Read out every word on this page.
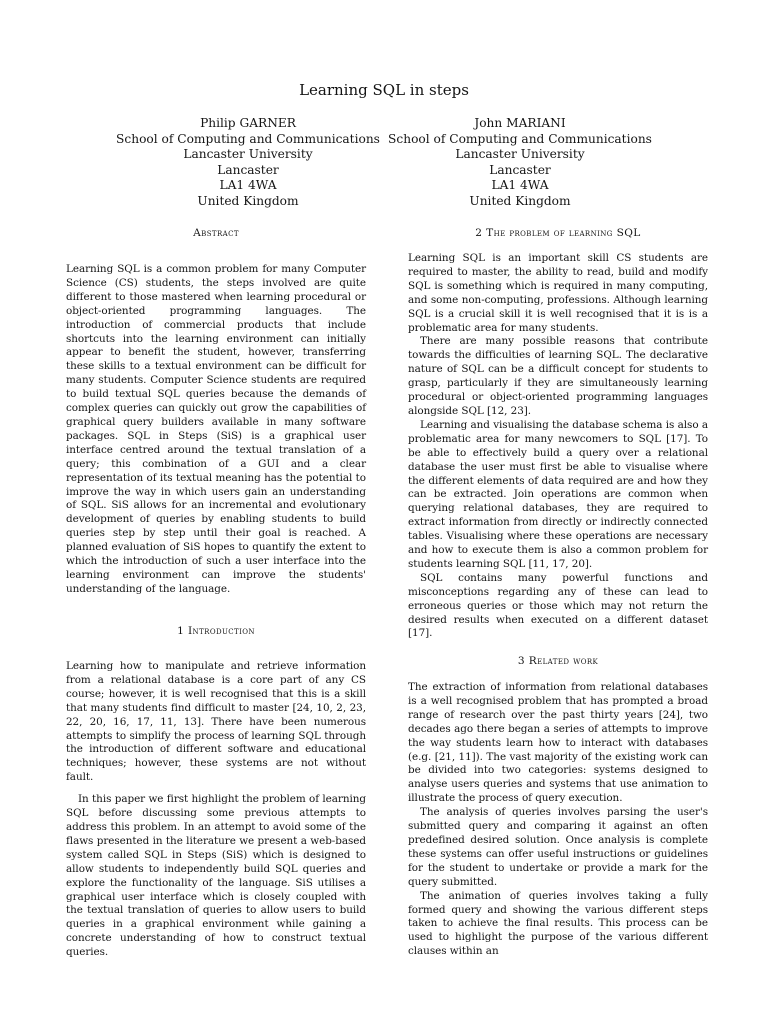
Learning SQL in steps
Philip GARNER
School of Computing and Communications
Lancaster University
Lancaster
LA1 4WA
United Kingdom
John MARIANI
School of Computing and Communications
Lancaster University
Lancaster
LA1 4WA
United Kingdom
Abstract

Learning SQL is a common problem for many Computer Science (CS) students, the steps involved are quite different to those mastered when learning procedural or object-oriented programming languages. The introduction of commercial products that include shortcuts into the learning environment can initially appear to benefit the student, however, transferring these skills to a textual environment can be difficult for many students. Computer Science students are required to build textual SQL queries because the demands of complex queries can quickly out grow the capabilities of graphical query builders available in many software packages. SQL in Steps (SiS) is a graphical user interface centred around the textual translation of a query; this combination of a GUI and a clear representation of its textual meaning has the potential to improve the way in which users gain an understanding of SQL. SiS allows for an incremental and evolutionary development of queries by enabling students to build queries step by step until their goal is reached. A planned evaluation of SiS hopes to quantify the extent to which the introduction of such a user interface into the learning environment can improve the students' understanding of the language.

1 Introduction

Learning how to manipulate and retrieve information from a relational database is a core part of any CS course; however, it is well recognised that this is a skill that many students find difficult to master [24, 10, 2, 23, 22, 20, 16, 17, 11, 13]. There have been numerous attempts to simplify the process of learning SQL through the introduction of different software and educational techniques; however, these systems are not without fault.

In this paper we first highlight the problem of learning SQL before discussing some previous attempts to address this problem. In an attempt to avoid some of the flaws presented in the literature we present a web-based system called SQL in Steps (SiS) which is designed to allow students to independently build SQL queries and explore the functionality of the language. SiS utilises a graphical user interface which is closely coupled with the textual translation of queries to allow users to build queries in a graphical environment while gaining a concrete understanding of how to construct textual queries.

2 The problem of learning SQL

Learning SQL is an important skill CS students are required to master, the ability to read, build and modify SQL is something which is required in many computing, and some non-computing, professions. Although learning SQL is a crucial skill it is well recognised that it is is a problematic area for many students.

There are many possible reasons that contribute towards the difficulties of learning SQL. The declarative nature of SQL can be a difficult concept for students to grasp, particularly if they are simultaneously learning procedural or object-oriented programming languages alongside SQL [12, 23].

Learning and visualising the database schema is also a problematic area for many newcomers to SQL [17]. To be able to effectively build a query over a relational database the user must first be able to visualise where the different elements of data required are and how they can be extracted. Join operations are common when querying relational databases, they are required to extract information from directly or indirectly connected tables. Visualising where these operations are necessary and how to execute them is also a common problem for students learning SQL [11, 17, 20].

SQL contains many powerful functions and misconceptions regarding any of these can lead to erroneous queries or those which may not return the desired results when executed on a different dataset [17].

3 Related work

The extraction of information from relational databases is a well recognised problem that has prompted a broad range of research over the past thirty years [24], two decades ago there began a series of attempts to improve the way students learn how to interact with databases (e.g. [21, 11]). The vast majority of the existing work can be divided into two categories: systems designed to analyse users queries and systems that use animation to illustrate the process of query execution.

The analysis of queries involves parsing the user's submitted query and comparing it against an often predefined desired solution. Once analysis is complete these systems can offer useful instructions or guidelines for the student to undertake or provide a mark for the query submitted.

The animation of queries involves taking a fully formed query and showing the various different steps taken to achieve the final results. This process can be used to highlight the purpose of the various different clauses within an
